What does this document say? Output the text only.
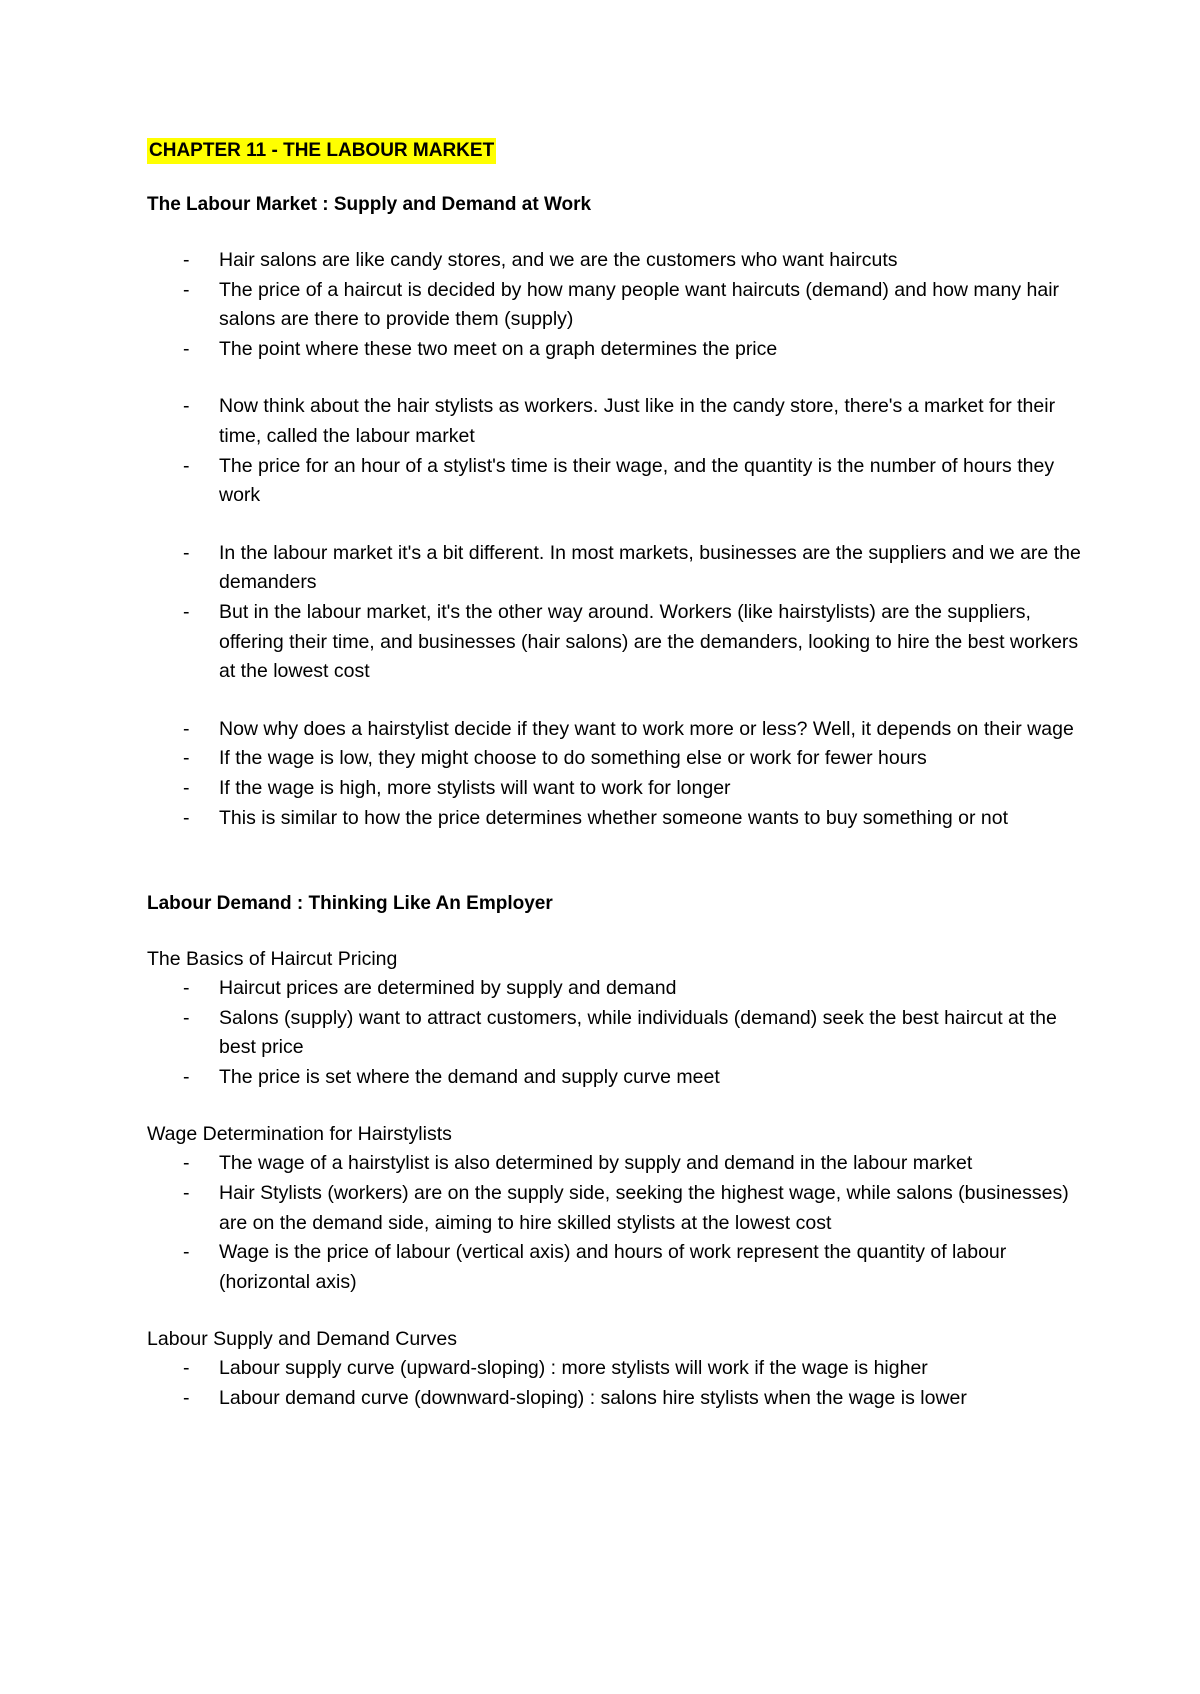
CHAPTER 11 - THE LABOUR MARKET
The Labour Market : Supply and Demand at Work
- Hair salons are like candy stores, and we are the customers who want haircuts
- The price of a haircut is decided by how many people want haircuts (demand) and how many hair salons are there to provide them (supply)
- The point where these two meet on a graph determines the price
- Now think about the hair stylists as workers. Just like in the candy store, there's a market for their time, called the labour market
- The price for an hour of a stylist's time is their wage, and the quantity is the number of hours they work
- In the labour market it's a bit different. In most markets, businesses are the suppliers and we are the demanders
- But in the labour market, it's the other way around. Workers (like hairstylists) are the suppliers, offering their time, and businesses (hair salons) are the demanders, looking to hire the best workers at the lowest cost
- Now why does a hairstylist decide if they want to work more or less? Well, it depends on their wage
- If the wage is low, they might choose to do something else or work for fewer hours
- If the wage is high, more stylists will want to work for longer
- This is similar to how the price determines whether someone wants to buy something or not
Labour Demand : Thinking Like An Employer

The Basics of Haircut Pricing

- Haircut prices are determined by supply and demand
- Salons (supply) want to attract customers, while individuals (demand) seek the best haircut at the best price
- The price is set where the demand and supply curve meet

Wage Determination for Hairstylists

- The wage of a hairstylist is also determined by supply and demand in the labour market
- Hair Stylists (workers) are on the supply side, seeking the highest wage, while salons (businesses) are on the demand side, aiming to hire skilled stylists at the lowest cost
- Wage is the price of labour (vertical axis) and hours of work represent the quantity of labour (horizontal axis)

Labour Supply and Demand Curves

- Labour supply curve (upward-sloping) : more stylists will work if the wage is higher
- Labour demand curve (downward-sloping) : salons hire stylists when the wage is lower
